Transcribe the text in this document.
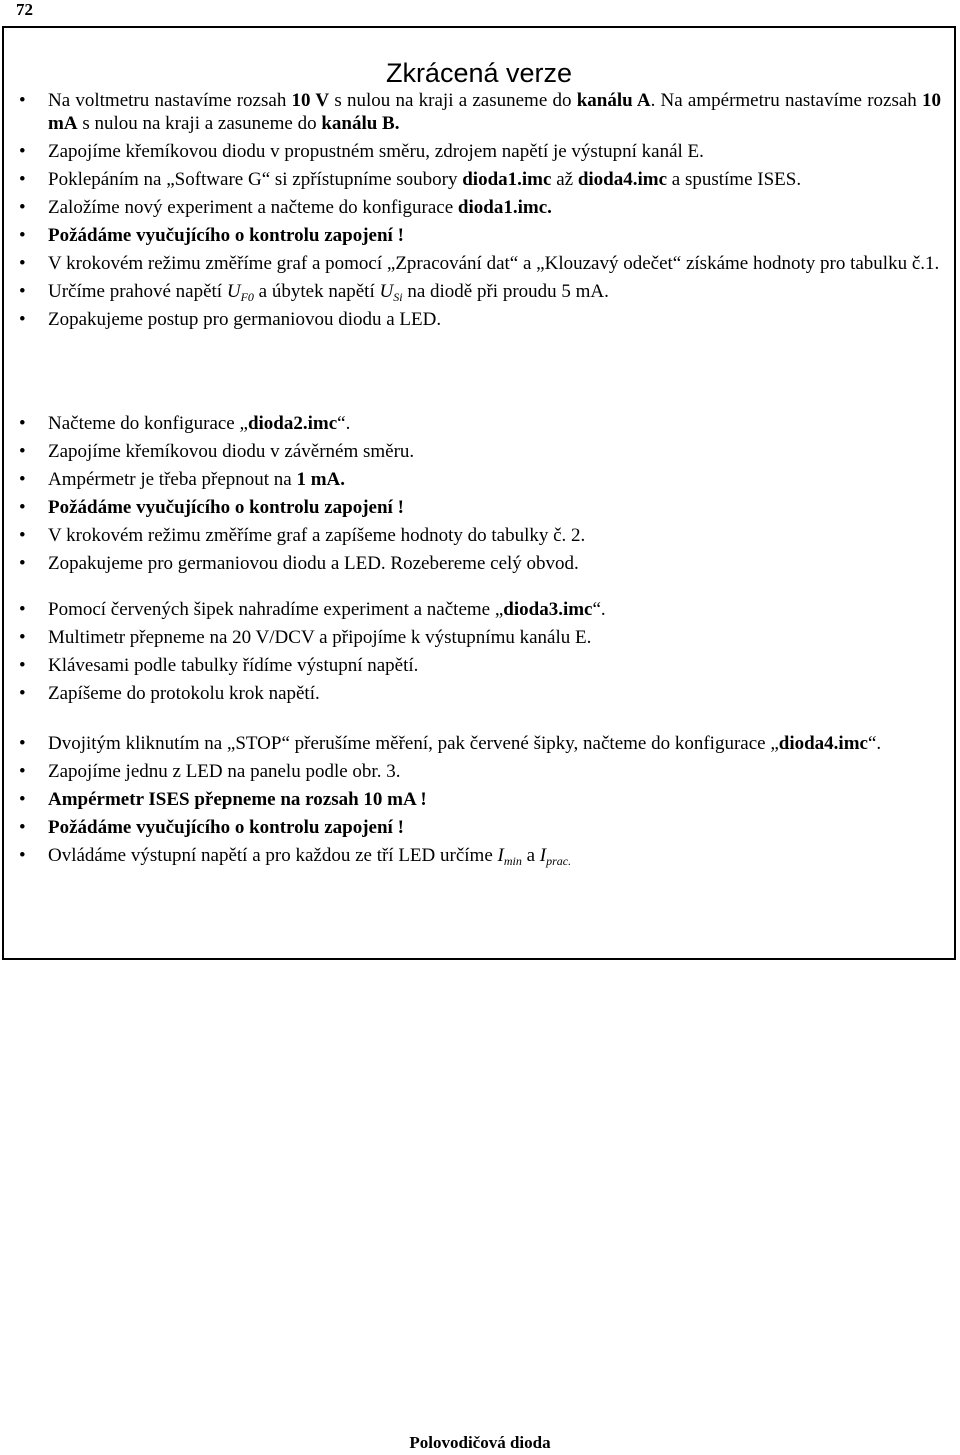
72
Zkrácená verze
• Na voltmetru nastavíme rozsah 10 V s nulou na kraji a zasuneme do kanálu A. Na ampérmetru nastavíme rozsah 10 mA s nulou na kraji a zasuneme do kanálu B.
• Zapojíme křemíkovou diodu v propustném směru, zdrojem napětí je výstupní kanál E.
• Poklepáním na „Software G“ si zpřístupníme soubory dioda1.imc až dioda4.imc a spustíme ISES.
• Založíme nový experiment a načteme do konfigurace dioda1.imc.
• Požádáme vyučujícího o kontrolu zapojení !
• V krokovém režimu změříme graf a pomocí „Zpracování dat“ a „Klouzavý odečet“ získáme hodnoty pro tabulku č.1.
• Určíme prahové napětí $U_{F0}$ a úbytek napětí $U_{Si}$ na diodě při proudu 5 mA.
• Zopakujeme postup pro germaniovou diodu a LED.
• Načteme do konfigurace „dioda2.imc“.
• Zapojíme křemíkovou diodu v závěrném směru.
• Ampérmetr je třeba přepnout na 1 mA.
• Požádáme vyučujícího o kontrolu zapojení !
• V krokovém režimu změříme graf a zapíšeme hodnoty do tabulky č. 2.
• Zopakujeme pro germaniovou diodu a LED. Rozebereme celý obvod.
• Pomocí červených šipek nahradíme experiment a načteme „dioda3.imc“.
• Multimetr přepneme na 20 V/DCV a připojíme k výstupnímu kanálu E.
• Klávesami podle tabulky řídíme výstupní napětí.
• Zapíšeme do protokolu krok napětí.
• Dvojitým kliknutím na „STOP“ přerušíme měření, pak červené šipky, načteme do konfigurace „dioda4.imc“.
• Zapojíme jednu z LED na panelu podle obr. 3.
• Ampérmetr ISES přepneme na rozsah 10 mA !
• Požádáme vyučujícího o kontrolu zapojení !
• Ovládáme výstupní napětí a pro každou ze tří LED určíme $I_{min}$ a $I_{prac.}$
Polovodičová dioda
